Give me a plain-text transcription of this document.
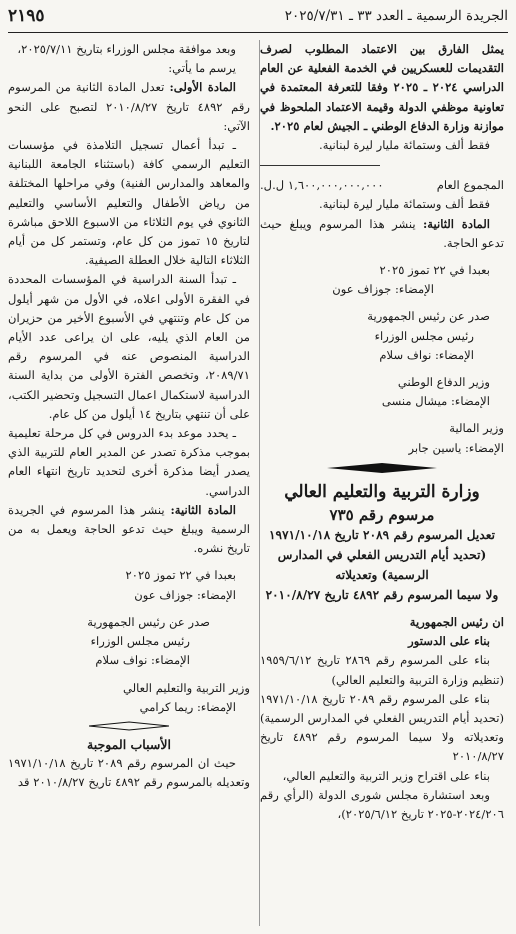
الجريدة الرسمية ـ العدد ٣٣ ـ ٢٠٢٥/٧/٣١
٢١٩٥

يمثل الفارق بين الاعتماد المطلوب لصرف التقديمات للعسكريين في الخدمة الفعلية عن العام الدراسي ٢٠٢٤ ـ ٢٠٢٥ وفقا للتعرفة المعتمدة في تعاونية موظفي الدولة وقيمة الاعتماد الملحوظ في موازنة وزارة الدفاع الوطني ـ الجيش لعام ٢٠٢٥.

فقط ألف وستمائة مليار ليرة لبنانية.

المجموع العام
١,٦٠٠,٠٠٠,٠٠٠,٠٠٠ ل.ل.

فقط ألف وستمائة مليار ليرة لبنانية.

المادة الثانية: ينشر هذا المرسوم ويبلغ حيث تدعو الحاجة.

بعبدا في ٢٢ تموز ٢٠٢٥

الإمضاء: جوزاف عون

صدر عن رئيس الجمهورية

رئيس مجلس الوزراء

الإمضاء: نواف سلام

وزير الدفاع الوطني

الإمضاء: ميشال منسى

وزير المالية

الإمضاء: ياسين جابر

وزارة التربية والتعليم العالي
مرسوم رقم ٧٣٥
تعديل المرسوم رقم ٢٠٨٩ تاريخ ١٩٧١/١٠/١٨
(تحديد أيام التدريس الفعلي في المدارس الرسمية) وتعديلاته
ولا سيما المرسوم رقم ٤٨٩٢ تاريخ ٢٠١٠/٨/٢٧

ان رئيس الجمهورية

بناء على الدستور

بناء على المرسوم رقم ٢٨٦٩ تاريخ ١٩٥٩/٦/١٢ (تنظيم وزارة التربية والتعليم العالي)

بناء على المرسوم رقم ٢٠٨٩ تاريخ ١٩٧١/١٠/١٨ (تحديد أيام التدريس الفعلي في المدارس الرسمية) وتعديلاته ولا سيما المرسوم رقم ٤٨٩٢ تاريخ ٢٠١٠/٨/٢٧

بناء على اقتراح وزير التربية والتعليم العالي،

وبعد استشارة مجلس شورى الدولة (الرأي رقم ٢٠٢٤/٢٠٦-٢٠٢٥ تاريخ ٢٠٢٥/٦/١٢)،

وبعد موافقة مجلس الوزراء بتاريخ ٢٠٢٥/٧/١١،

يرسم ما يأتي:

المادة الأولى: تعدل المادة الثانية من المرسوم رقم ٤٨٩٢ تاريخ ٢٠١٠/٨/٢٧ لتصبح على النحو الآتي:

ـ تبدأ أعمال تسجيل التلامذة في مؤسسات التعليم الرسمي كافة (باستثناء الجامعة اللبنانية والمعاهد والمدارس الفنية) وفي مراحلها المختلفة من رياض الأطفال والتعليم الأساسي والتعليم الثانوي في يوم الثلاثاء من الاسبوع اللاحق مباشرة لتاريخ ١٥ تموز من كل عام، وتستمر كل من أيام الثلاثاء التالية خلال العطلة الصيفية.

ـ تبدأ السنة الدراسية في المؤسسات المحددة في الفقرة الأولى اعلاه، في الأول من شهر أيلول من كل عام وتنتهي في الأسبوع الأخير من حزيران من العام الذي يليه، على ان يراعى عدد الأيام الدراسية المنصوص عنه في المرسوم رقم ٢٠٨٩/٧١، وتخصص الفترة الأولى من بداية السنة الدراسية لاستكمال اعمال التسجيل وتحضير الكتب، على أن تنتهي بتاريخ ١٤ أيلول من كل عام.

ـ يحدد موعد بدء الدروس في كل مرحلة تعليمية بموجب مذكرة تصدر عن المدير العام للتربية الذي يصدر أيضا مذكرة أخرى لتحديد تاريخ انتهاء العام الدراسي.

المادة الثانية: ينشر هذا المرسوم في الجريدة الرسمية ويبلغ حيث تدعو الحاجة ويعمل به من تاريخ نشره.

بعبدا في ٢٢ تموز ٢٠٢٥

الإمضاء: جوزاف عون

صدر عن رئيس الجمهورية

رئيس مجلس الوزراء

الإمضاء: نواف سلام

وزير التربية والتعليم العالي

الإمضاء: ريما كرامي

الأسباب الموجبة

حيث ان المرسوم رقم ٢٠٨٩ تاريخ ١٩٧١/١٠/١٨ وتعديله بالمرسوم رقم ٤٨٩٢ تاريخ ٢٠١٠/٨/٢٧ قد
